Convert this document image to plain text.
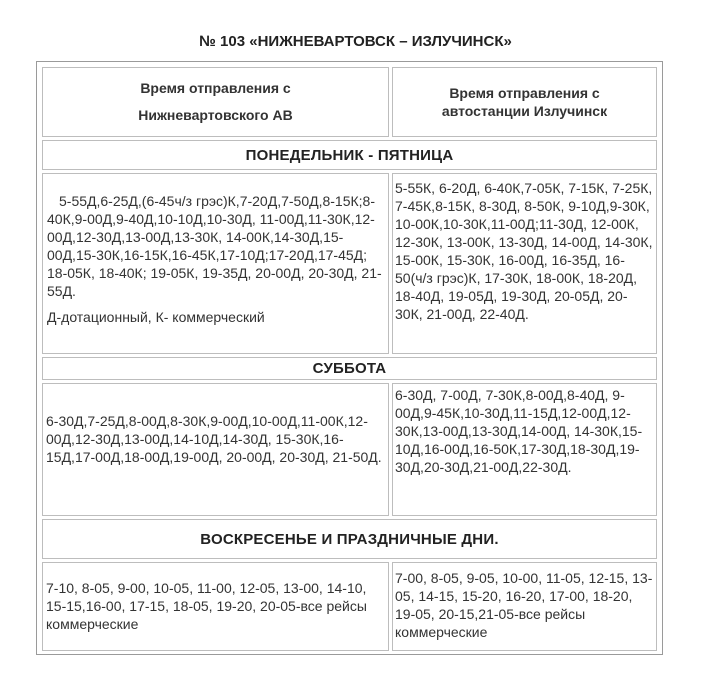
№ 103 «НИЖНЕВАРТОВСК – ИЗЛУЧИНСК»
Время отправления с
Нижневартовского АВ
Время отправления с
автостанции Излучинск
ПОНЕДЕЛЬНИК - ПЯТНИЦА

5-55Д,6-25Д,(6-45ч/з грэс)К,7-20Д,7-50Д,8-15К;8-40К,9-00Д,9-40Д,10-10Д,10-30Д, 11-00Д,11-30К,12-00Д,12-30Д,13-00Д,13-30К, 14-00К,14-30Д,15-00Д,15-30К,16-15К,16-45К,17-10Д;17-20Д,17-45Д; 18-05К, 18-40К; 19-05К, 19-35Д, 20-00Д, 20-30Д, 21-55Д.

Д-дотационный, К- коммерческий

5-55К, 6-20Д, 6-40К,7-05К, 7-15К, 7-25К, 7-45К,8-15К, 8-30Д, 8-50К, 9-10Д,9-30К, 10-00К,10-30К,11-00Д;11-30Д, 12-00К, 12-30К, 13-00К, 13-30Д, 14-00Д, 14-30К, 15-00К, 15-30К, 16-00Д, 16-35Д, 16-50(ч/з грэс)К, 17-30К, 18-00К, 18-20Д, 18-40Д, 19-05Д, 19-30Д, 20-05Д, 20-30К, 21-00Д, 22-40Д.

СУББОТА

6-30Д,7-25Д,8-00Д,8-30К,9-00Д,10-00Д,11-00К,12-00Д,12-30Д,13-00Д,14-10Д,14-30Д, 15-30К,16-15Д,17-00Д,18-00Д,19-00Д, 20-00Д, 20-30Д, 21-50Д.

6-30Д, 7-00Д, 7-30К,8-00Д,8-40Д, 9-00Д,9-45К,10-30Д,11-15Д,12-00Д,12-30К,13-00Д,13-30Д,14-00Д, 14-30К,15-10Д,16-00Д,16-50К,17-30Д,18-30Д,19-30Д,20-30Д,21-00Д,22-30Д.

ВОСКРЕСЕНЬЕ И ПРАЗДНИЧНЫЕ ДНИ.

7-10, 8-05, 9-00, 10-05, 11-00, 12-05, 13-00, 14-10, 15-15,16-00, 17-15, 18-05, 19-20, 20-05-все рейсы коммерческие

7-00, 8-05, 9-05, 10-00, 11-05, 12-15, 13-05, 14-15, 15-20, 16-20, 17-00, 18-20, 19-05, 20-15,21-05-все рейсы коммерческие
